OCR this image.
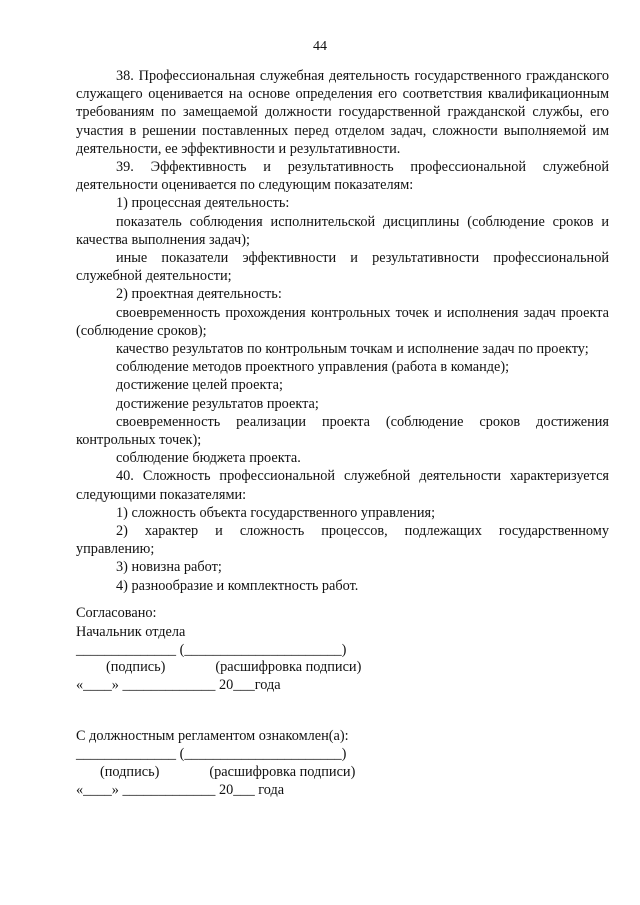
44

38. Профессиональная служебная деятельность государственного гражданского служащего оценивается на основе определения его соответствия квалификационным требованиям по замещаемой должности государственной гражданской службы, его участия в решении поставленных перед отделом задач, сложности выполняемой им деятельности, ее эффективности и результативности.

39. Эффективность и результативность профессиональной служебной деятельности оценивается по следующим показателям:

1) процессная деятельность:

показатель соблюдения исполнительской дисциплины (соблюдение сроков и качества выполнения задач);

иные показатели эффективности и результативности профессиональной служебной деятельности;

2) проектная деятельность:

своевременность прохождения контрольных точек и исполнения задач проекта (соблюдение сроков);

качество результатов по контрольным точкам и исполнение задач по проекту;

соблюдение методов проектного управления (работа в команде);

достижение целей проекта;

достижение результатов проекта;

своевременность реализации проекта (соблюдение сроков достижения контрольных точек);

соблюдение бюджета проекта.

40. Сложность профессиональной служебной деятельности характеризуется следующими показателями:

1) сложность объекта государственного управления;

2) характер и сложность процессов, подлежащих государственному управлению;

3) новизна работ;

4) разнообразие и комплектность работ.

Согласовано:
Начальник отдела
______________ (______________________)
(подпись)              (расшифровка подписи)
«____» _____________ 20___года
С должностным регламентом ознакомлен(а):
______________ (______________________)
(подпись)              (расшифровка подписи)
«____» _____________ 20___ года
